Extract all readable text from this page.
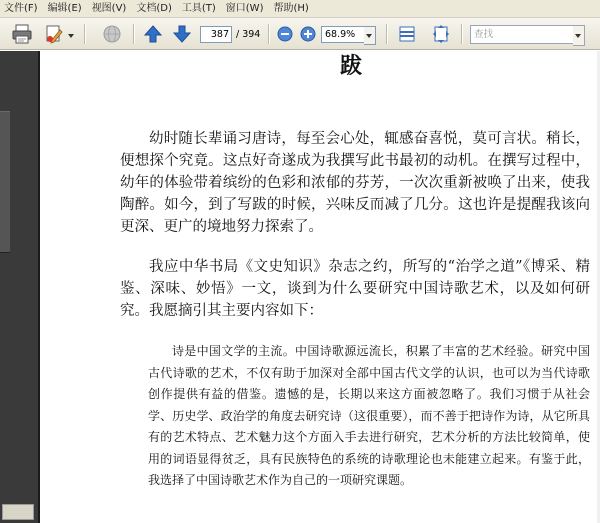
文件(F)	编辑(E)	视图(V)	文档(D)	工具(T)	窗口(W)	帮助(H)
387 / 394	68.9%	查找
跋
幼时随长辈诵习唐诗，每至会心处，辄感奋喜悦，莫可言状。稍长，便想探个究竟。这点好奇遂成为我撰写此书最初的动机。在撰写过程中，幼年的体验带着缤纷的色彩和浓郁的芬芳，一次次重新被唤了出来，使我陶醉。如今，到了写跋的时候，兴味反而减了几分。这也许是提醒我该向更深、更广的境地努力探索了。
我应中华书局《文史知识》杂志之约，所写的“治学之道”《博采、精鉴、深味、妙悟》一文，谈到为什么要研究中国诗歌艺术，以及如何研究。我愿摘引其主要内容如下：
诗是中国文学的主流。中国诗歌源远流长，积累了丰富的艺术经验。研究中国古代诗歌的艺术，不仅有助于加深对全部中国古代文学的认识，也可以为当代诗歌创作提供有益的借鉴。遗憾的是，长期以来这方面被忽略了。我们习惯于从社会学、历史学、政治学的角度去研究诗（这很重要），而不善于把诗作为诗，从它所具有的艺术特点、艺术魅力这个方面入手去进行研究，艺术分析的方法比较简单，使用的词语显得贫乏，具有民族特色的系统的诗歌理论也未能建立起来。有鉴于此，我选择了中国诗歌艺术作为自己的一项研究课题。
